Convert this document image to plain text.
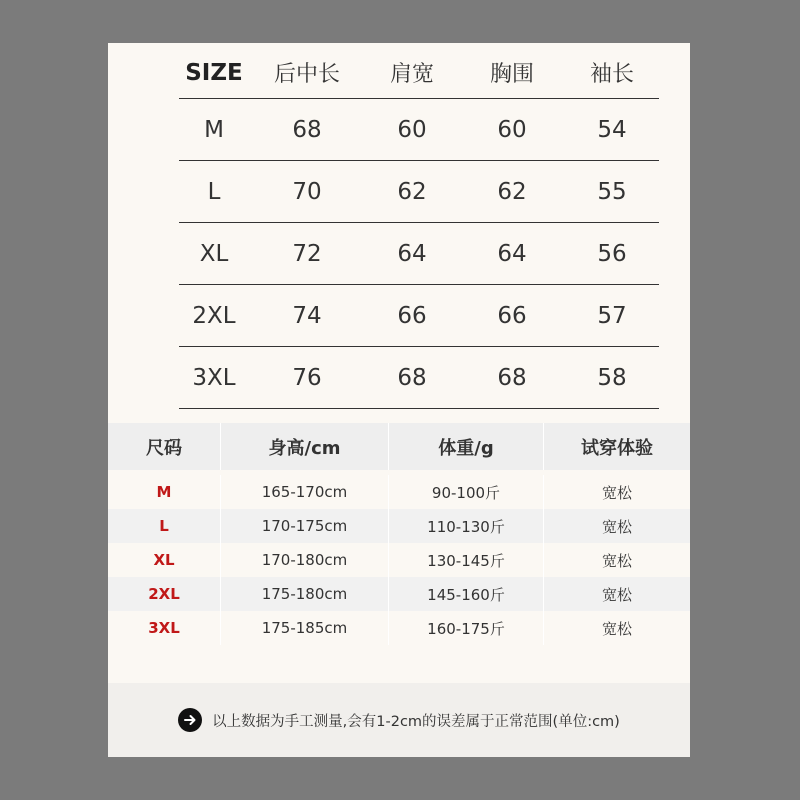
SIZE	后中长	肩宽	胸围	袖长
M	68	60	60	54
L	70	62	62	55
XL	72	64	64	56
2XL	74	66	66	57
3XL	76	68	68	58
尺码	身高/cm	体重/g	试穿体验
M	165-170cm	90-100斤	宽松
L	170-175cm	110-130斤	宽松
XL	170-180cm	130-145斤	宽松
2XL	175-180cm	145-160斤	宽松
3XL	175-185cm	160-175斤	宽松
以上数据为手工测量,会有1-2cm的误差属于正常范围(单位:cm)
